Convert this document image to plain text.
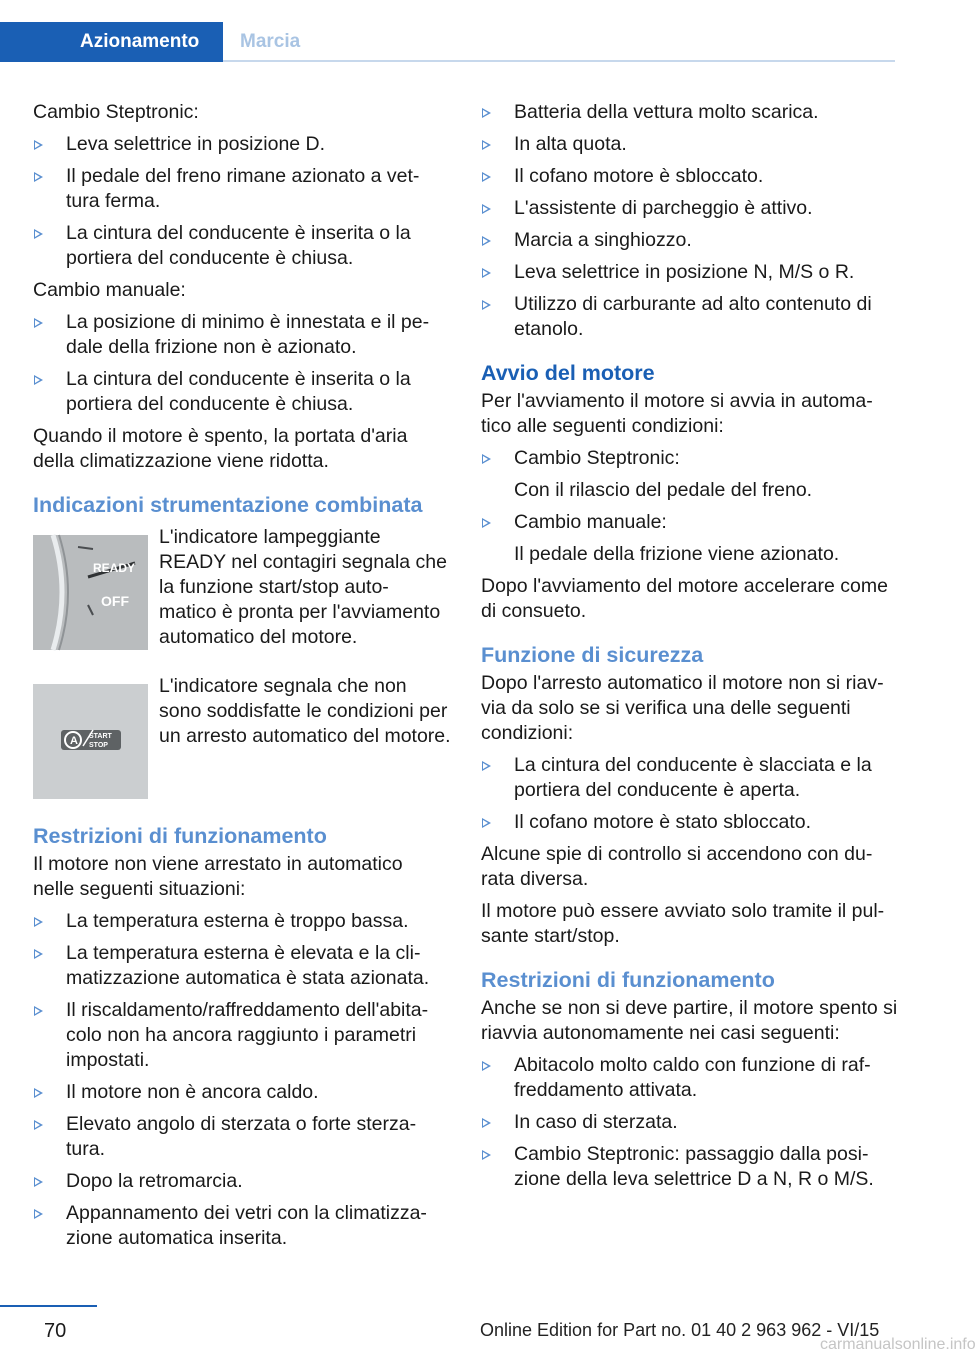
Azionamento	Marcia

Cambio Steptronic:

Leva selettrice in posizione D.
Il pedale del freno rimane azionato a vet‐ tura ferma.
La cintura del conducente è inserita o la portiera del conducente è chiusa.

Cambio manuale:

La posizione di minimo è innestata e il pe‐ dale della frizione non è azionato.
La cintura del conducente è inserita o la portiera del conducente è chiusa.

Quando il motore è spento, la portata d'aria della climatizzazione viene ridotta.

Indicazioni strumentazione combinata
READY
OFF
L'indicatore lampeggiante READY nel contagiri segnala che la funzione start/stop auto‐ matico è pronta per l'avviamento automatico del motore.
A START
STOP
L'indicatore segnala che non sono soddisfatte le condizioni per un arresto automatico del motore.
Restrizioni di funzionamento

Il motore non viene arrestato in automatico nelle seguenti situazioni:

La temperatura esterna è troppo bassa.
La temperatura esterna è elevata e la cli‐ matizzazione automatica è stata azionata.
Il riscaldamento/raffreddamento dell'abita‐ colo non ha ancora raggiunto i parametri impostati.
Il motore non è ancora caldo.
Elevato angolo di sterzata o forte sterza‐ tura.
Dopo la retromarcia.
Appannamento dei vetri con la climatizza‐ zione automatica inserita.
Batteria della vettura molto scarica.
In alta quota.
Il cofano motore è sbloccato.
L'assistente di parcheggio è attivo.
Marcia a singhiozzo.
Leva selettrice in posizione N, M/S o R.
Utilizzo di carburante ad alto contenuto di etanolo.
Avvio del motore

Per l'avviamento il motore si avvia in automa‐ tico alle seguenti condizioni:

Cambio Steptronic:
Con il rilascio del pedale del freno.
Cambio manuale:
Il pedale della frizione viene azionato.

Dopo l'avviamento del motore accelerare come di consueto.

Funzione di sicurezza

Dopo l'arresto automatico il motore non si riav‐ via da solo se si verifica una delle seguenti condizioni:

La cintura del conducente è slacciata e la portiera del conducente è aperta.
Il cofano motore è stato sbloccato.

Alcune spie di controllo si accendono con du‐ rata diversa.

Il motore può essere avviato solo tramite il pul‐ sante start/stop.

Restrizioni di funzionamento

Anche se non si deve partire, il motore spento si riavvia autonomamente nei casi seguenti:

Abitacolo molto caldo con funzione di raf‐ freddamento attivata.
In caso di sterzata.
Cambio Steptronic: passaggio dalla posi‐ zione della leva selettrice D a N, R o M/S.
70	Online Edition for Part no. 01 40 2 963 962 - VI/15
carmanualsonline.info
